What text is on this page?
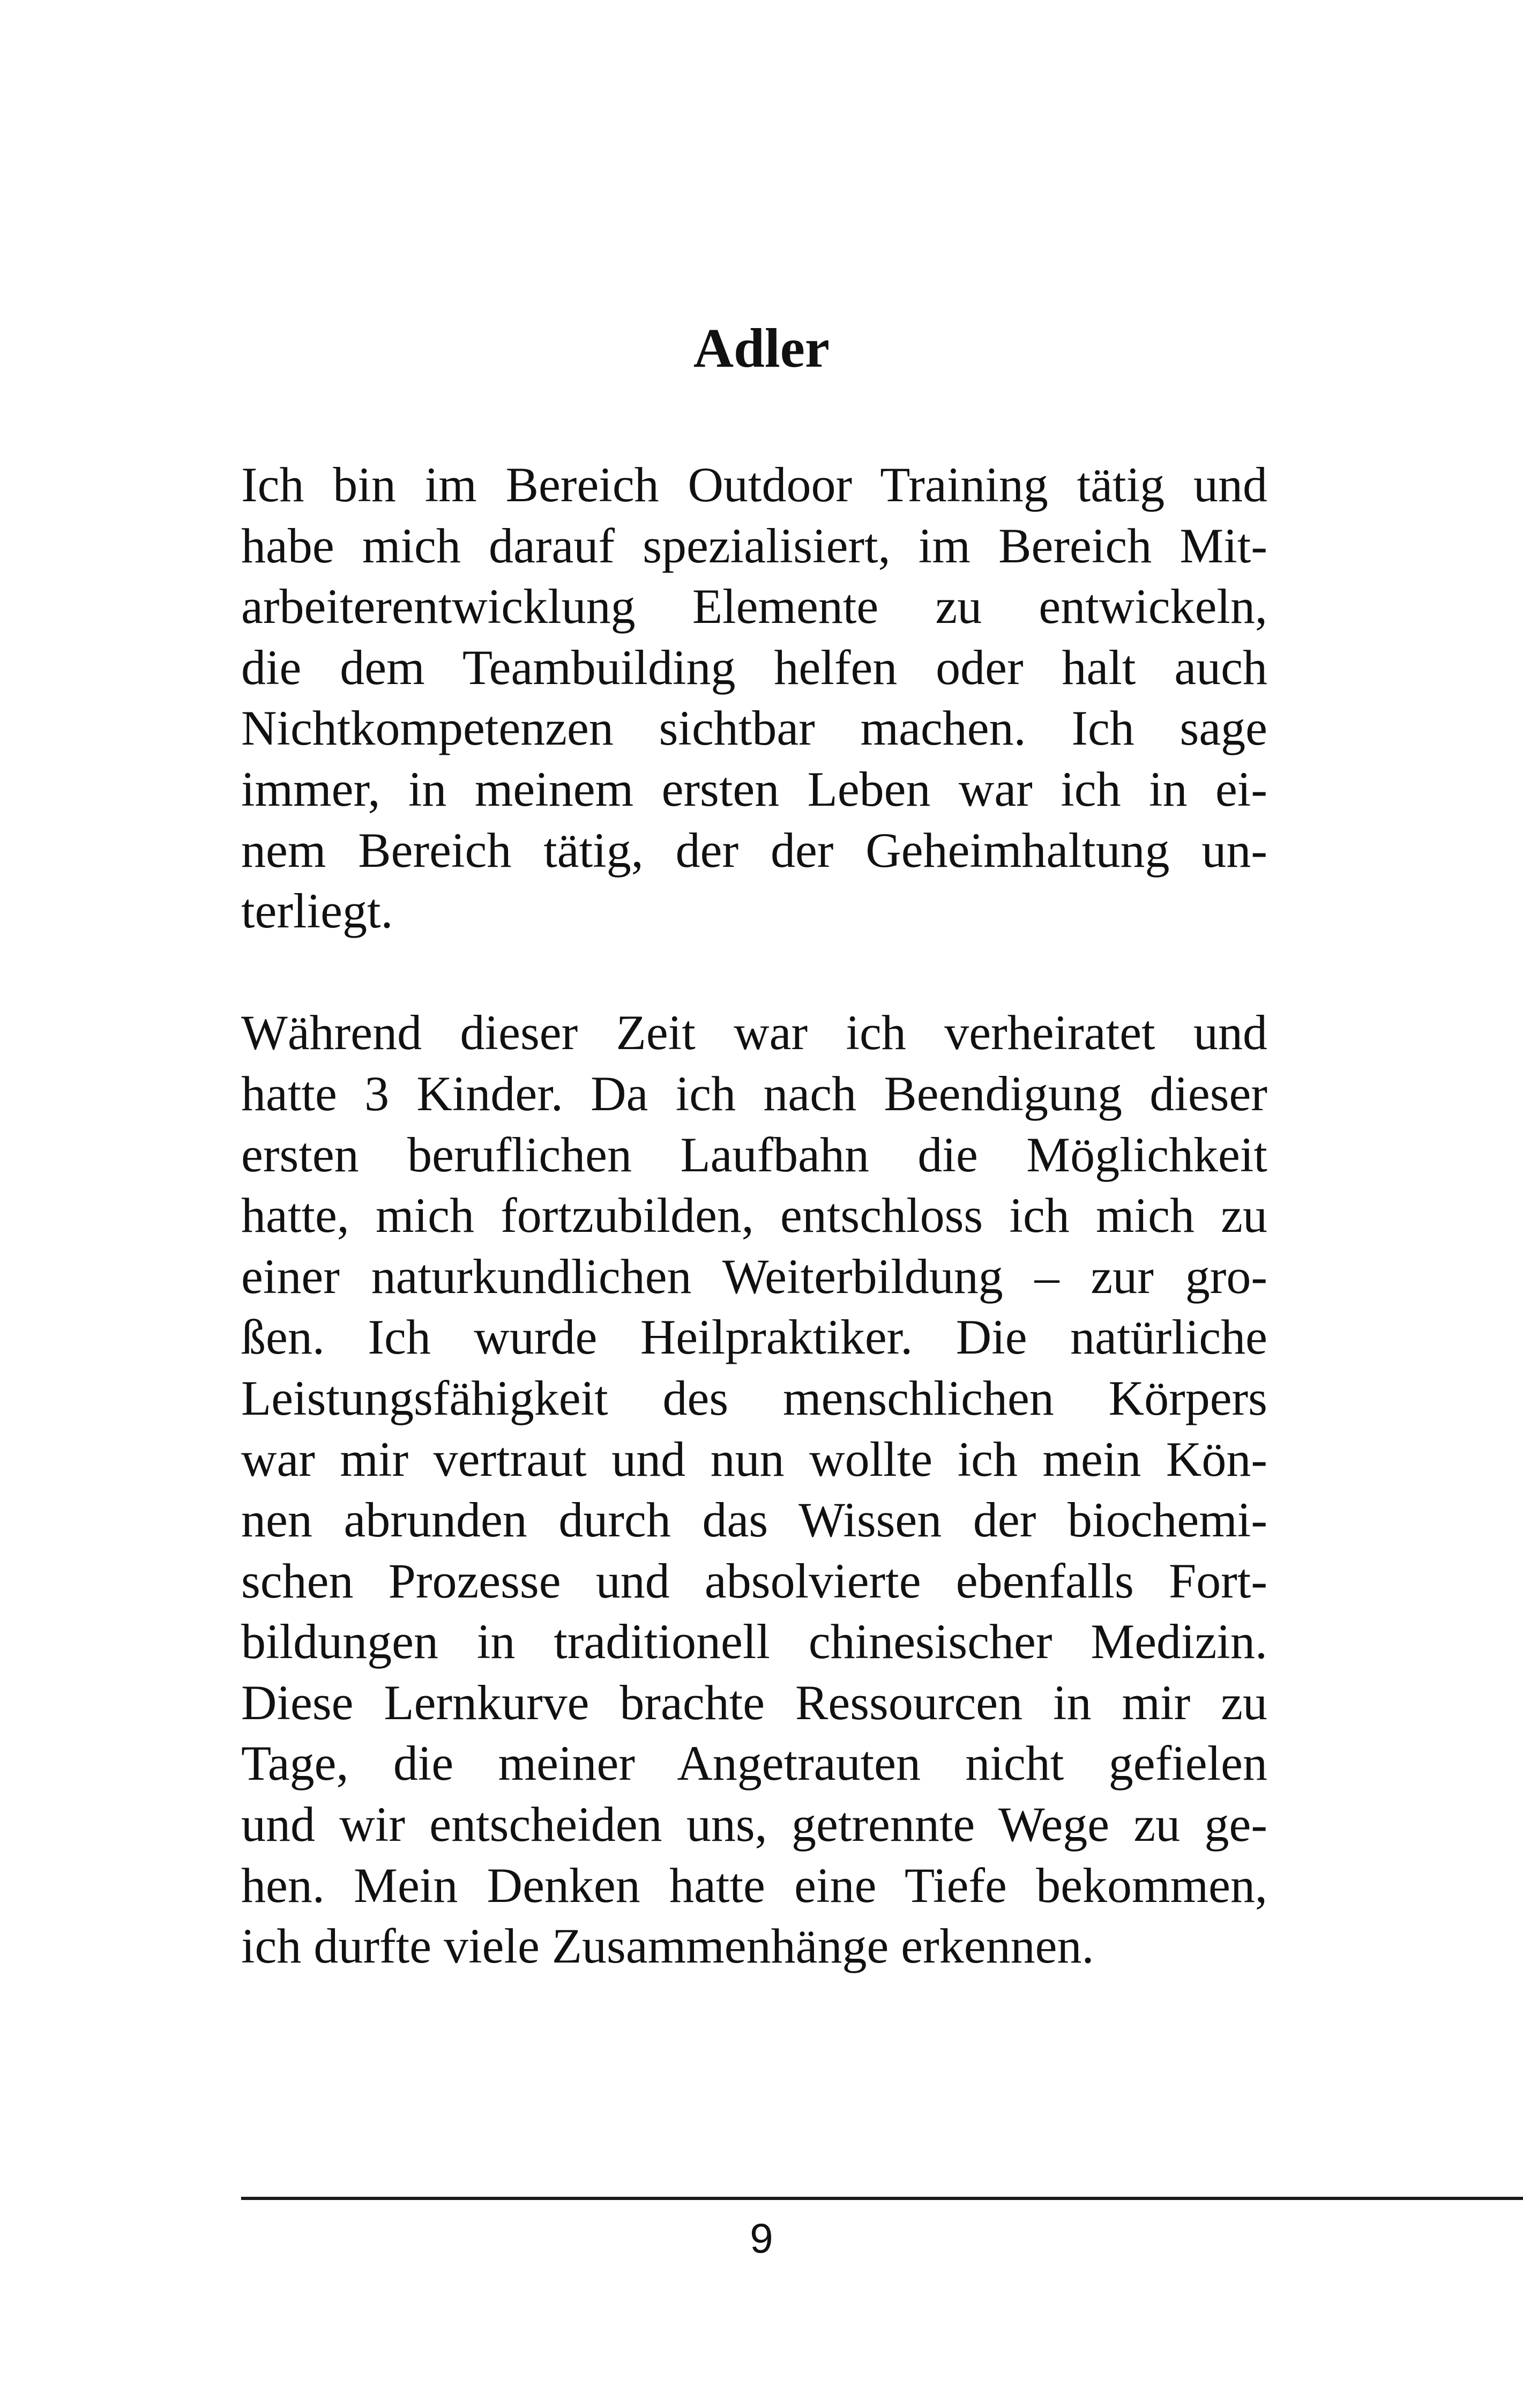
Adler
Ich bin im Bereich Outdoor Training tätig und
habe mich darauf spezialisiert, im Bereich Mit-
arbeiterentwicklung Elemente zu entwickeln,
die dem Teambuilding helfen oder halt auch
Nichtkompetenzen sichtbar machen. Ich sage
immer, in meinem ersten Leben war ich in ei-
nem Bereich tätig, der der Geheimhaltung un-
terliegt.
Während dieser Zeit war ich verheiratet und
hatte 3 Kinder. Da ich nach Beendigung dieser
ersten beruflichen Laufbahn die Möglichkeit
hatte, mich fortzubilden, entschloss ich mich zu
einer naturkundlichen Weiterbildung – zur gro-
ßen. Ich wurde Heilpraktiker. Die natürliche
Leistungsfähigkeit des menschlichen Körpers
war mir vertraut und nun wollte ich mein Kön-
nen abrunden durch das Wissen der biochemi-
schen Prozesse und absolvierte ebenfalls Fort-
bildungen in traditionell chinesischer Medizin.
Diese Lernkurve brachte Ressourcen in mir zu
Tage, die meiner Angetrauten nicht gefielen
und wir entscheiden uns, getrennte Wege zu ge-
hen. Mein Denken hatte eine Tiefe bekommen,
ich durfte viele Zusammenhänge erkennen.
9
